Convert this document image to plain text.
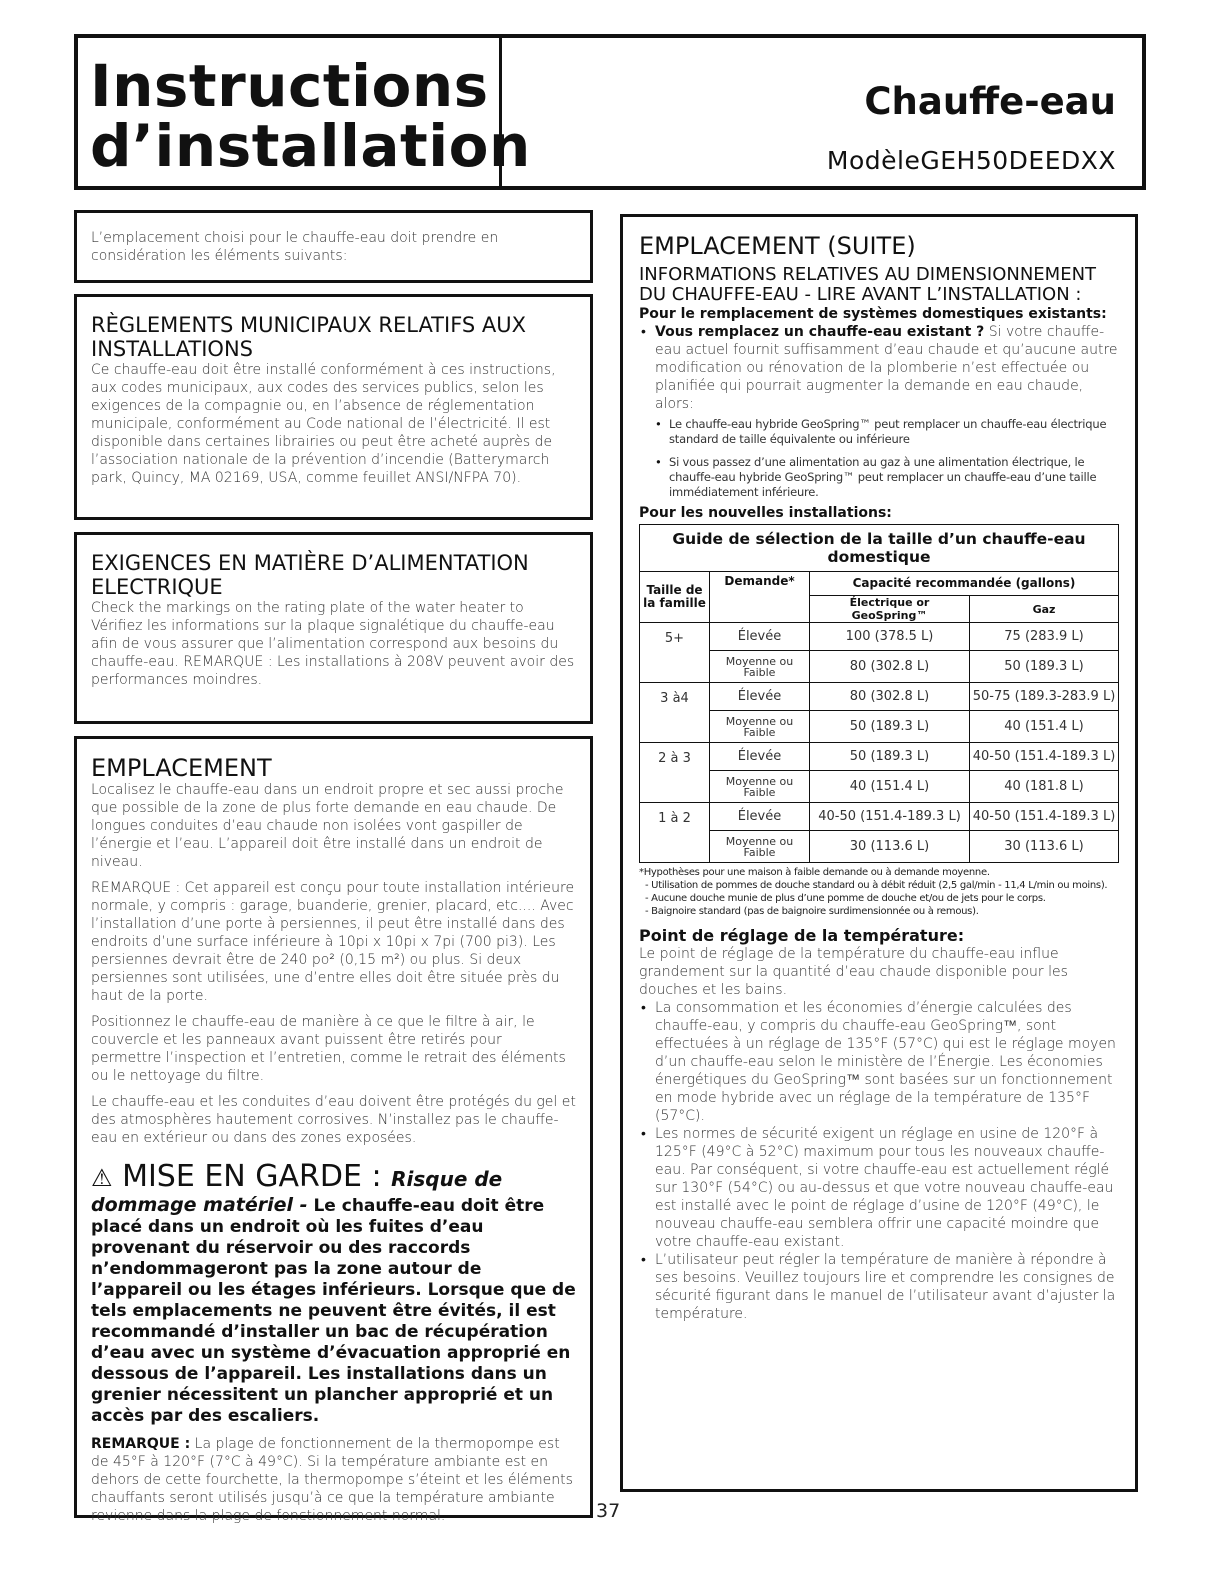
Instructions
d’installation
Chauffe-eau
ModèleGEH50DEEDXX
L’emplacement choisi pour le chauffe-eau doit prendre en considération les éléments suivants:
RÈGLEMENTS MUNICIPAUX RELATIFS AUX INSTALLATIONS
Ce chauffe-eau doit être installé conformément à ces instructions, aux codes municipaux, aux codes des services publics, selon les exigences de la compagnie ou, en l’absence de réglementation municipale, conformément au Code national de l’électricité. Il est disponible dans certaines librairies ou peut être acheté auprès de l’association nationale de la prévention d’incendie (Batterymarch park, Quincy, MA 02169, USA, comme feuillet ANSI/NFPA 70).
EXIGENCES EN MATIÈRE D’ALIMENTATION ELECTRIQUE
Check the markings on the rating plate of the water heater to Vérifiez les informations sur la plaque signalétique du chauffe-eau afin de vous assurer que l’alimentation correspond aux besoins du chauffe-eau. REMARQUE : Les installations à 208V peuvent avoir des performances moindres.
EMPLACEMENT
Localisez le chauffe-eau dans un endroit propre et sec aussi proche que possible de la zone de plus forte demande en eau chaude. De longues conduites d’eau chaude non isolées vont gaspiller de l’énergie et l’eau. L’appareil doit être installé dans un endroit de niveau.
REMARQUE : Cet appareil est conçu pour toute installation intérieure normale, y compris : garage, buanderie, grenier, placard, etc.... Avec l’installation d’une porte à persiennes, il peut être installé dans des endroits d’une surface inférieure à 10pi x 10pi x 7pi (700 pi3). Les persiennes devrait être de 240 po² (0,15 m²) ou plus. Si deux persiennes sont utilisées, une d’entre elles doit être située près du haut de la porte.
Positionnez le chauffe-eau de manière à ce que le filtre à air, le couvercle et les panneaux avant puissent être retirés pour permettre l’inspection et l’entretien, comme le retrait des éléments ou le nettoyage du filtre.
Le chauffe-eau et les conduites d’eau doivent être protégés du gel et des atmosphères hautement corrosives. N’installez pas le chauffe-eau en extérieur ou dans des zones exposées.
⚠ MISE EN GARDE : Risque de
dommage matériel - Le chauffe-eau doit être placé dans un endroit où les fuites d’eau provenant du réservoir ou des raccords n’endommageront pas la zone autour de l’appareil ou les étages inférieurs. Lorsque que de tels emplacements ne peuvent être évités, il est recommandé d’installer un bac de récupération d’eau avec un système d’évacuation approprié en dessous de l’appareil. Les installations dans un grenier nécessitent un plancher approprié et un accès par des escaliers.
REMARQUE : La plage de fonctionnement de la thermopompe est de 45°F à 120°F (7°C à 49°C). Si la température ambiante est en dehors de cette fourchette, la thermopompe s’éteint et les éléments chauffants seront utilisés jusqu’à ce que la température ambiante revienne dans la plage de fonctionnement normal.
EMPLACEMENT (SUITE)
INFORMATIONS RELATIVES AU DIMENSIONNEMENT DU CHAUFFE-EAU - LIRE AVANT L’INSTALLATION :
Pour le remplacement de systèmes domestiques existants:
• Vous remplacez un chauffe-eau existant ? Si votre chauffe-eau actuel fournit suffisamment d’eau chaude et qu’aucune autre modification ou rénovation de la plomberie n’est effectuée ou planifiée qui pourrait augmenter la demande en eau chaude, alors:
• Le chauffe-eau hybride GeoSpring™ peut remplacer un chauffe-eau électrique standard de taille équivalente ou inférieure
• Si vous passez d’une alimentation au gaz à une alimentation électrique, le chauffe-eau hybride GeoSpring™ peut remplacer un chauffe-eau d’une taille immédiatement inférieure.
Pour les nouvelles installations:
Guide de sélection de la taille d’un chauffe-eau domestique			
Taille de la famille	Demande*	Capacité recommandée (gallons)	
		Électrique or GeoSpring™	Gaz
5+	Élevée	100 (378.5 L)	75 (283.9 L)
	Moyenne ou Faible	80 (302.8 L)	50 (189.3 L)
3 à4	Élevée	80 (302.8 L)	50-75 (189.3-283.9 L)
	Moyenne ou Faible	50 (189.3 L)	40 (151.4 L)
2 à 3	Élevée	50 (189.3 L)	40-50 (151.4-189.3 L)
	Moyenne ou Faible	40 (151.4 L)	40 (181.8 L)
1 à 2	Élevée	40-50 (151.4-189.3 L)	40-50 (151.4-189.3 L)
	Moyenne ou Faible	30 (113.6 L)	30 (113.6 L)
*Hypothèses pour une maison à faible demande ou à demande moyenne.
- Utilisation de pommes de douche standard ou à débit réduit (2,5 gal/min - 11,4 L/min ou moins).
- Aucune douche munie de plus d’une pomme de douche et/ou de jets pour le corps.
- Baignoire standard (pas de baignoire surdimensionnée ou à remous).
Point de réglage de la température:
Le point de réglage de la température du chauffe-eau influe grandement sur la quantité d’eau chaude disponible pour les douches et les bains.
• La consommation et les économies d’énergie calculées des chauffe-eau, y compris du chauffe-eau GeoSpring™, sont effectuées à un réglage de 135°F (57°C) qui est le réglage moyen d’un chauffe-eau selon le ministère de l’Énergie. Les économies énergétiques du GeoSpring™ sont basées sur un fonctionnement en mode hybride avec un réglage de la température de 135°F (57°C).
• Les normes de sécurité exigent un réglage en usine de 120°F à 125°F (49°C à 52°C) maximum pour tous les nouveaux chauffe-eau. Par conséquent, si votre chauffe-eau est actuellement réglé sur 130°F (54°C) ou au-dessus et que votre nouveau chauffe-eau est installé avec le point de réglage d’usine de 120°F (49°C), le nouveau chauffe-eau semblera offrir une capacité moindre que votre chauffe-eau existant.
• L’utilisateur peut régler la température de manière à répondre à ses besoins. Veuillez toujours lire et comprendre les consignes de sécurité figurant dans le manuel de l’utilisateur avant d’ajuster la température.
37
